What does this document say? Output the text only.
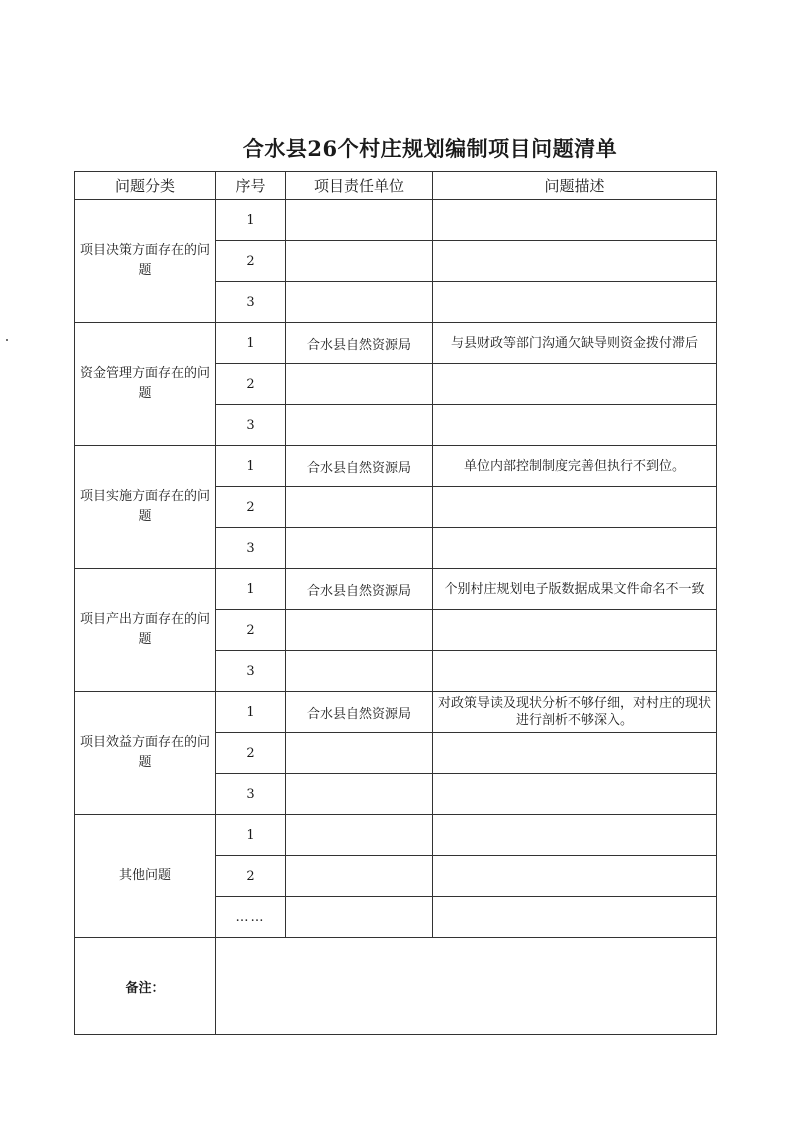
合水县26个村庄规划编制项目问题清单
问题分类	序号	项目责任单位	问题描述
项目决策方面存在的问题	1		
	2		
	3		
资金管理方面存在的问题	1	合水县自然资源局	与县财政等部门沟通欠缺导则资金拨付滞后
	2		
	3		
项目实施方面存在的问题	1	合水县自然资源局	单位内部控制制度完善但执行不到位。
	2		
	3		
项目产出方面存在的问题	1	合水县自然资源局	个别村庄规划电子版数据成果文件命名不一致
	2		
	3		
项目效益方面存在的问题	1	合水县自然资源局	对政策导读及现状分析不够仔细，对村庄的现状进行剖析不够深入。
	2		
	3		
其他问题	1		
	2		
	……		
备注：			
